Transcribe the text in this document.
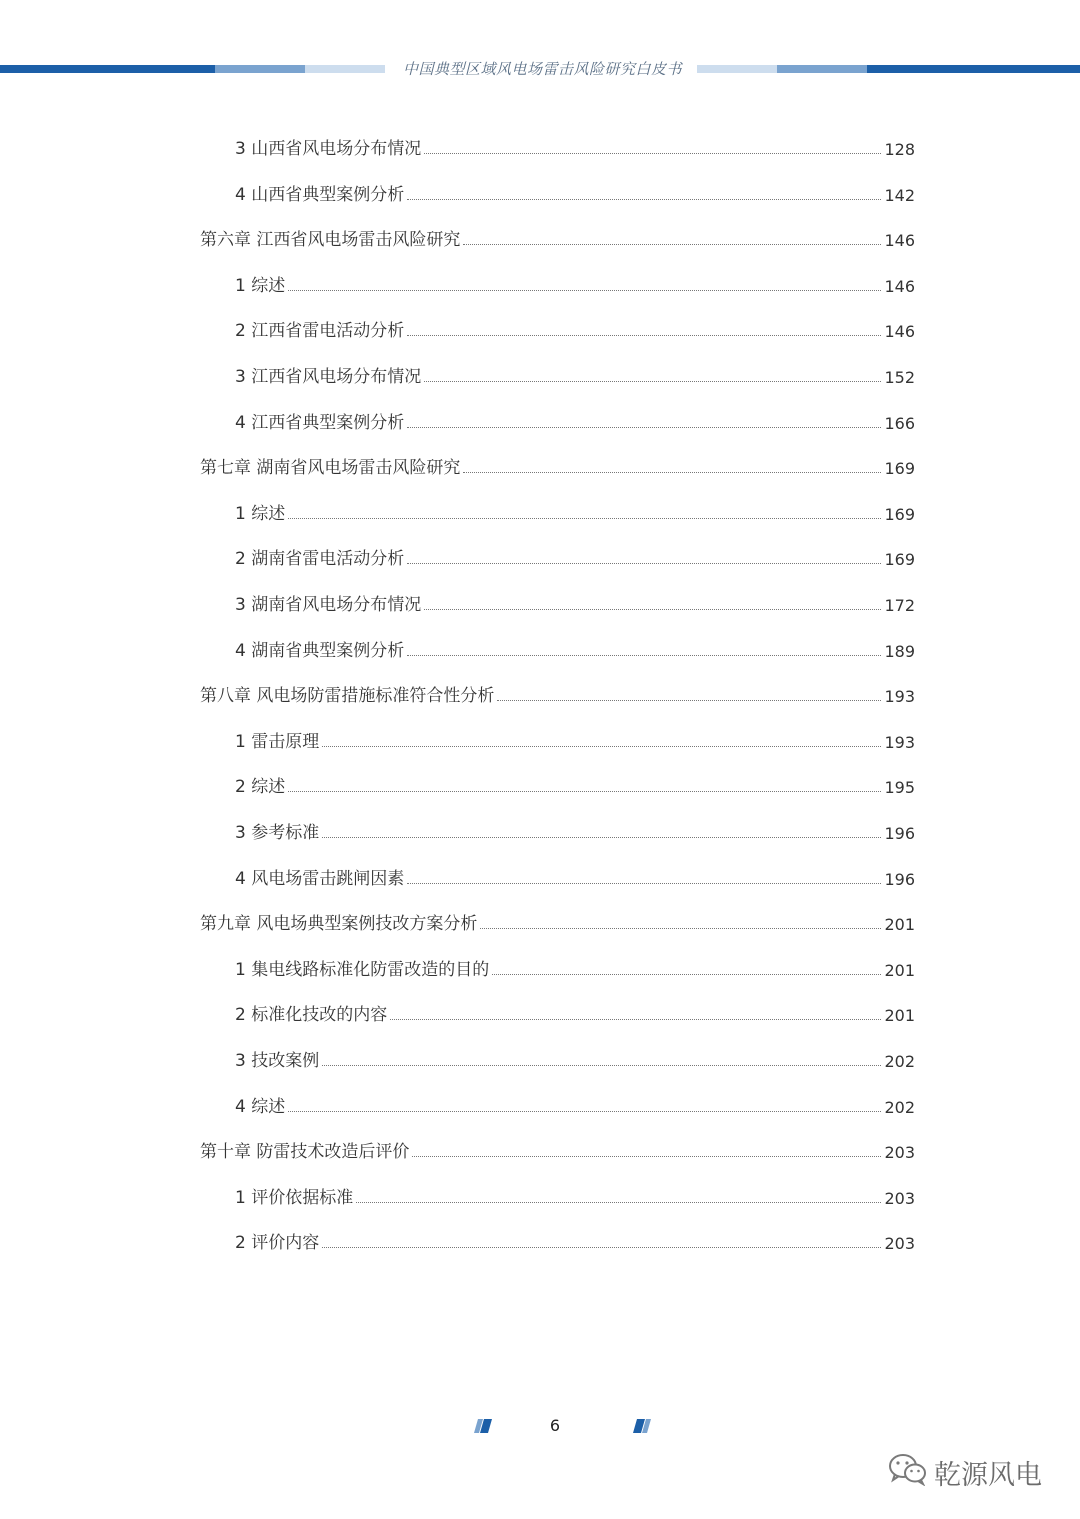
中国典型区域风电场雷击风险研究白皮书
3 山西省风电场分布情况	128
4 山西省典型案例分析	142
第六章 江西省风电场雷击风险研究	146
1 综述	146
2 江西省雷电活动分析	146
3 江西省风电场分布情况	152
4 江西省典型案例分析	166
第七章 湖南省风电场雷击风险研究	169
1 综述	169
2 湖南省雷电活动分析	169
3 湖南省风电场分布情况	172
4 湖南省典型案例分析	189
第八章 风电场防雷措施标准符合性分析	193
1 雷击原理	193
2 综述	195
3 参考标准	196
4 风电场雷击跳闸因素	196
第九章 风电场典型案例技改方案分析	201
1 集电线路标准化防雷改造的目的	201
2 标准化技改的内容	201
3 技改案例	202
4 综述	202
第十章 防雷技术改造后评价	203
1 评价依据标准	203
2 评价内容	203
6
乾源风电
